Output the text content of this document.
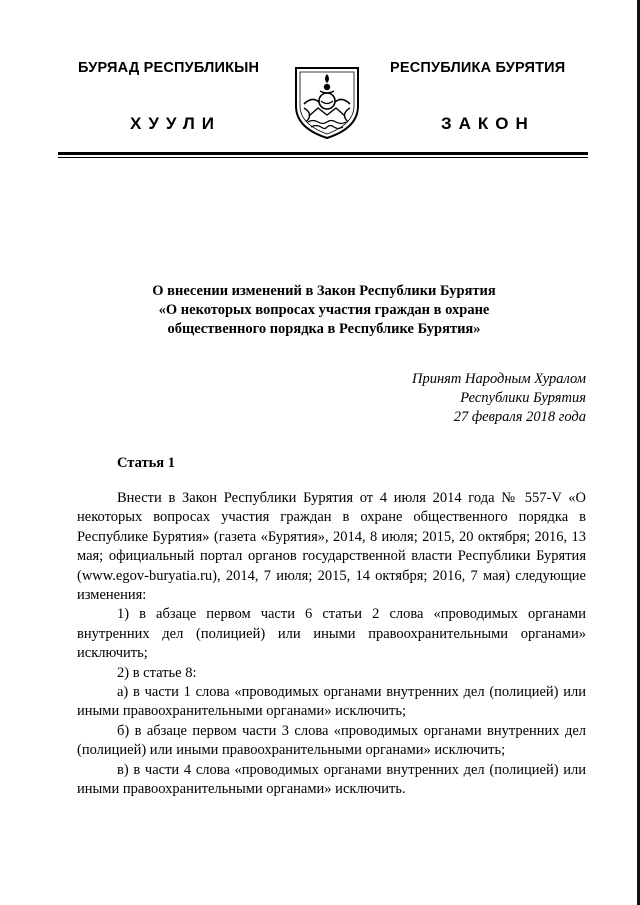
БУРЯАД РЕСПУБЛИКЫН	РЕСПУБЛИКА БУРЯТИЯ
ХУУЛИ	ЗАКОН
О внесении изменений в Закон Республики Бурятия
«О некоторых вопросах участия граждан в охране
общественного порядка в Республике Бурятия»
Принят Народным Хуралом
Республики Бурятия
27 февраля 2018 года
Статья 1

Внести в Закон Республики Бурятия от 4 июля 2014 года № 557-V «О некоторых вопросах участия граждан в охране общественного порядка в Республике Бурятия» (газета «Бурятия», 2014, 8 июля; 2015, 20 октября; 2016, 13 мая; официальный портал органов государственной власти Республики Бурятия (www.egov-buryatia.ru), 2014, 7 июля; 2015, 14 октября; 2016, 7 мая) следующие изменения:

1) в абзаце первом части 6 статьи 2 слова «проводимых органами внутренних дел (полицией) или иными правоохранительными органами» исключить;

2) в статье 8:

а) в части 1 слова «проводимых органами внутренних дел (полицией) или иными правоохранительными органами» исключить;

б) в абзаце первом части 3 слова «проводимых органами внутренних дел (полицией) или иными правоохранительными органами» исключить;

в) в части 4 слова «проводимых органами внутренних дел (полицией) или иными правоохранительными органами» исключить.
